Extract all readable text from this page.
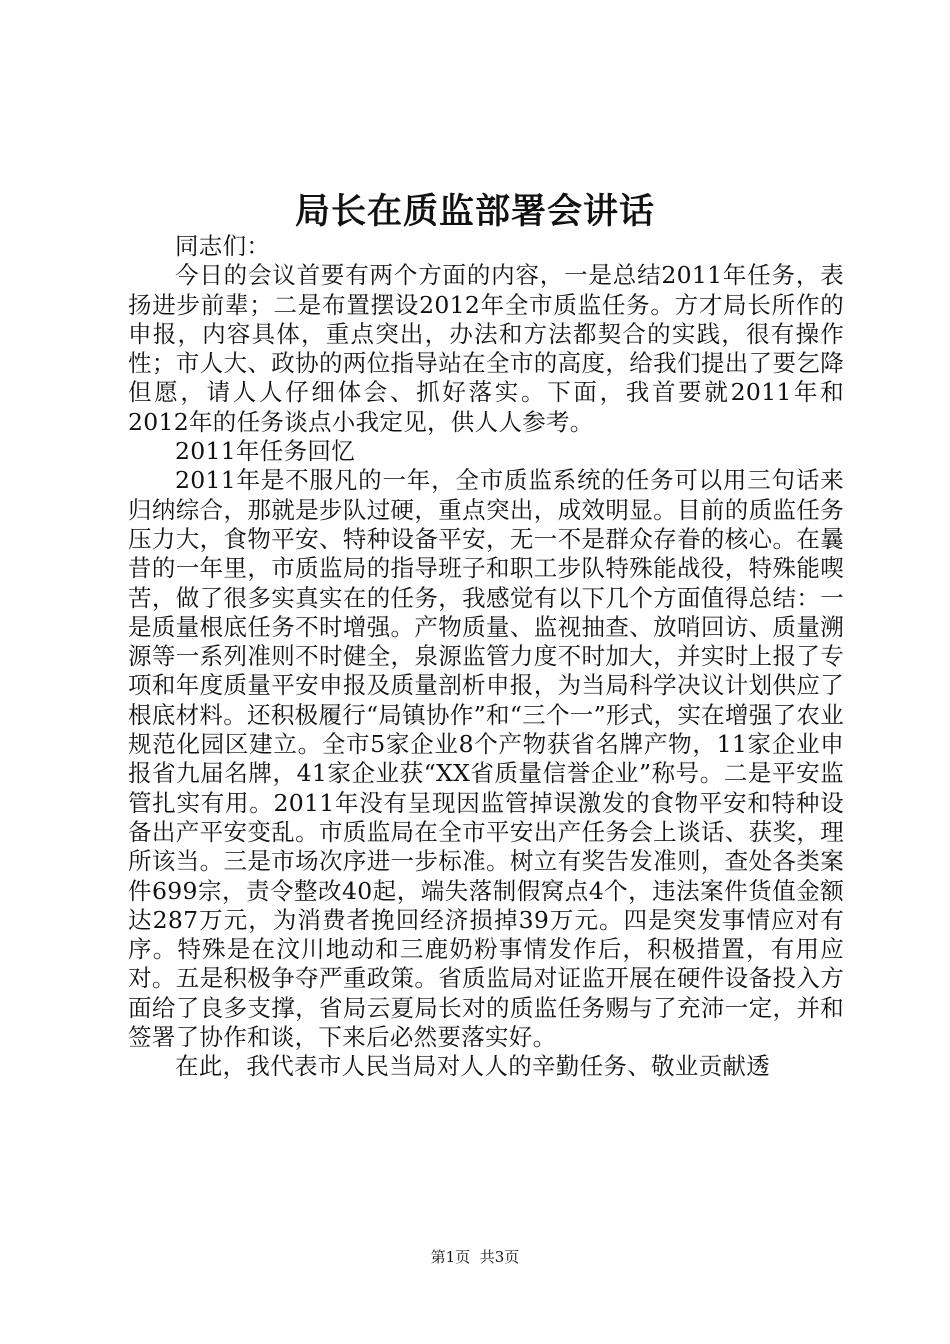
局长在质监部署会讲话

同志们：

今日的会议首要有两个方面的内容，一是总结2011年任务，表扬进步前辈；二是布置摆设2012年全市质监任务。方才局长所作的申报，内容具体，重点突出，办法和方法都契合的实践，很有操作性；市人大、政协的两位指导站在全市的高度，给我们提出了要乞降但愿，请人人仔细体会、抓好落实。下面，我首要就2011年和2012年的任务谈点小我定见，供人人参考。

2011年任务回忆

2011年是不服凡的一年，全市质监系统的任务可以用三句话来归纳综合，那就是步队过硬，重点突出，成效明显。目前的质监任务压力大，食物平安、特种设备平安，无一不是群众存眷的核心。在曩昔的一年里，市质监局的指导班子和职工步队特殊能战役，特殊能喫苦，做了很多实真实在的任务，我感觉有以下几个方面值得总结：一是质量根底任务不时增强。产物质量、监视抽查、放哨回访、质量溯源等一系列准则不时健全，泉源监管力度不时加大，并实时上报了专项和年度质量平安申报及质量剖析申报，为当局科学决议计划供应了根底材料。还积极履行“局镇协作”和“三个一”形式，实在增强了农业规范化园区建立。全市5家企业8个产物获省名牌产物，11家企业申报省九届名牌，41家企业获“XX省质量信誉企业”称号。二是平安监管扎实有用。2011年没有呈现因监管掉误激发的食物平安和特种设备出产平安变乱。市质监局在全市平安出产任务会上谈话、获奖，理所该当。三是市场次序进一步标准。树立有奖告发准则，查处各类案件699宗，责令整改40起，端失落制假窝点4个，违法案件货值金额达287万元，为消费者挽回经济损掉39万元。四是突发事情应对有序。特殊是在汶川地动和三鹿奶粉事情发作后，积极措置，有用应对。五是积极争夺严重政策。省质监局对证监开展在硬件设备投入方面给了良多支撑，省局云夏局长对的质监任务赐与了充沛一定，并和签署了协作和谈，下来后必然要落实好。

在此，我代表市人民当局对人人的辛勤任务、敬业贡献透

第1页 共3页
